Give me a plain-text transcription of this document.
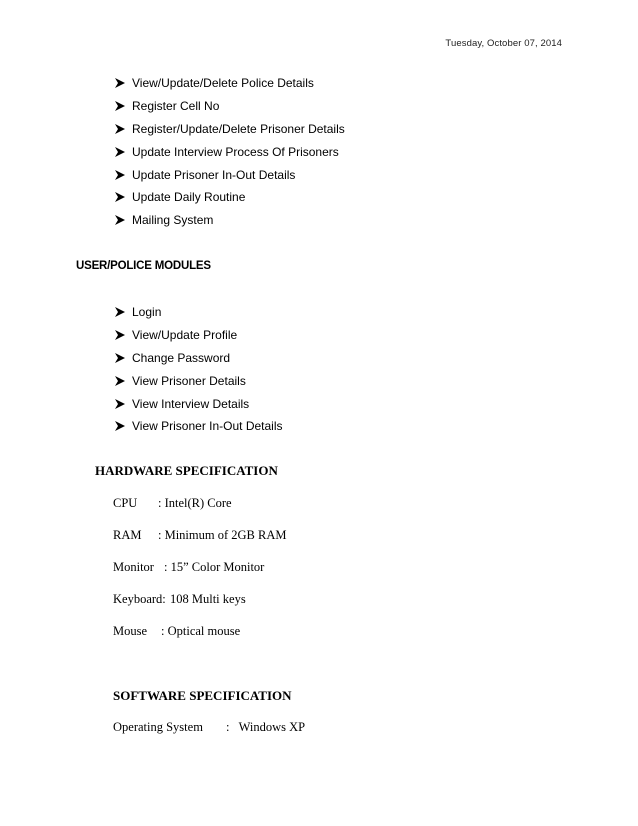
Tuesday, October 07, 2014
View/Update/Delete Police Details
Register Cell No
Register/Update/Delete Prisoner Details
Update Interview Process Of Prisoners
Update Prisoner In-Out Details
Update Daily Routine
Mailing System
USER/POLICE MODULES
Login
View/Update Profile
Change Password
View Prisoner Details
View Interview Details
View Prisoner In-Out Details
HARDWARE SPECIFICATION
CPU : Intel(R) Core
RAM : Minimum of 2GB RAM
Monitor : 15” Color Monitor
Keyboard: 108 Multi keys
Mouse : Optical mouse
SOFTWARE SPECIFICATION
Operating System :   Windows XP
